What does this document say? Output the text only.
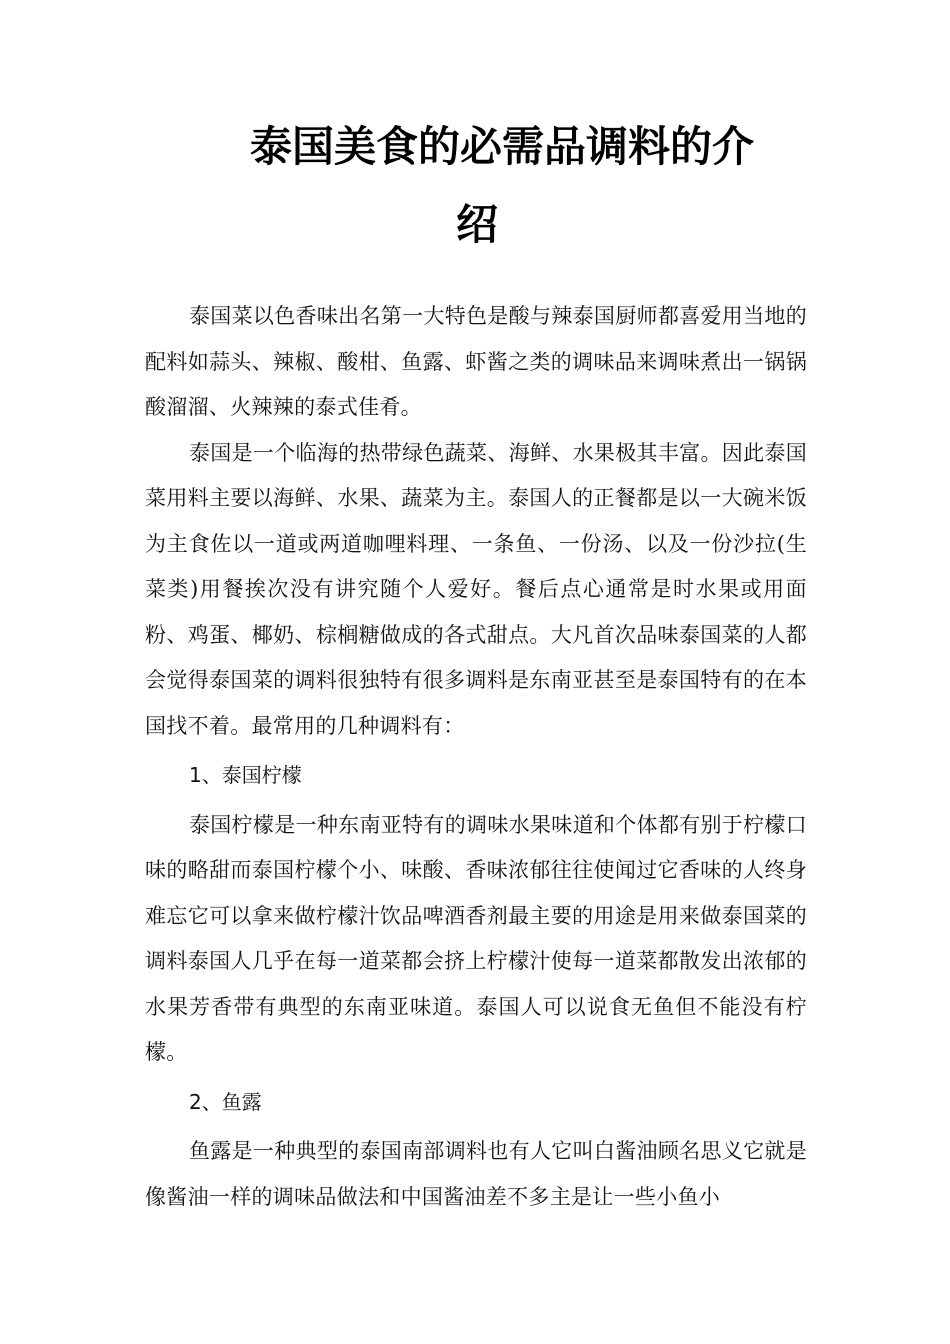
泰国美食的必需品调料的介
绍

泰国菜以色香味出名第一大特色是酸与辣泰国厨师都喜爱用当地的配料如蒜头、辣椒、酸柑、鱼露、虾酱之类的调味品来调味煮出一锅锅酸溜溜、火辣辣的泰式佳肴。

泰国是一个临海的热带绿色蔬菜、海鲜、水果极其丰富。因此泰国菜用料主要以海鲜、水果、蔬菜为主。泰国人的正餐都是以一大碗米饭为主食佐以一道或两道咖哩料理、一条鱼、一份汤、以及一份沙拉(生菜类)用餐挨次没有讲究随个人爱好。餐后点心通常是时水果或用面粉、鸡蛋、椰奶、棕榈糖做成的各式甜点。大凡首次品味泰国菜的人都会觉得泰国菜的调料很独特有很多调料是东南亚甚至是泰国特有的在本国找不着。最常用的几种调料有：

1、泰国柠檬

泰国柠檬是一种东南亚特有的调味水果味道和个体都有别于柠檬口味的略甜而泰国柠檬个小、味酸、香味浓郁往往使闻过它香味的人终身难忘它可以拿来做柠檬汁饮品啤酒香剂最主要的用途是用来做泰国菜的调料泰国人几乎在每一道菜都会挤上柠檬汁使每一道菜都散发出浓郁的水果芳香带有典型的东南亚味道。泰国人可以说食无鱼但不能没有柠檬。

2、鱼露

鱼露是一种典型的泰国南部调料也有人它叫白酱油顾名思义它就是像酱油一样的调味品做法和中国酱油差不多主是让一些小鱼小
